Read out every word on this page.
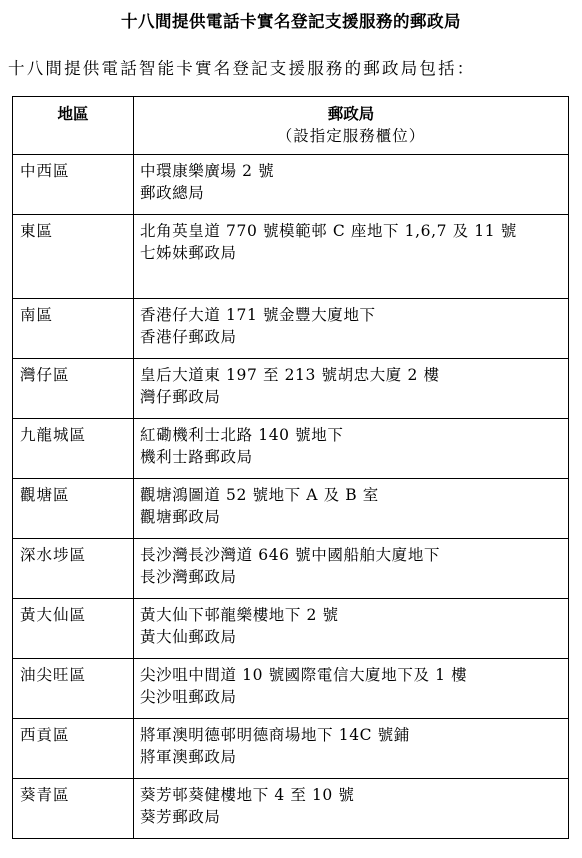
十八間提供電話卡實名登記支援服務的郵政局
十八間提供電話智能卡實名登記支援服務的郵政局包括：
地區	郵政局
（設指定服務櫃位）

中西區	中環康樂廣場 2 號
郵政總局

東區	北角英皇道 770 號模範邨 C 座地下 1,6,7 及 11 號
七姊妹郵政局

南區	香港仔大道 171 號金豐大廈地下
香港仔郵政局

灣仔區	皇后大道東 197 至 213 號胡忠大廈 2 樓
灣仔郵政局

九龍城區	紅磡機利士北路 140 號地下
機利士路郵政局

觀塘區	觀塘鴻圖道 52 號地下 A 及 B 室
觀塘郵政局

深水埗區	長沙灣長沙灣道 646 號中國船舶大廈地下
長沙灣郵政局

黃大仙區	黃大仙下邨龍樂樓地下 2 號
黃大仙郵政局

油尖旺區	尖沙咀中間道 10 號國際電信大廈地下及 1 樓
尖沙咀郵政局

西貢區	將軍澳明德邨明德商場地下 14C 號鋪
將軍澳郵政局

葵青區	葵芳邨葵健樓地下 4 至 10 號
葵芳郵政局
